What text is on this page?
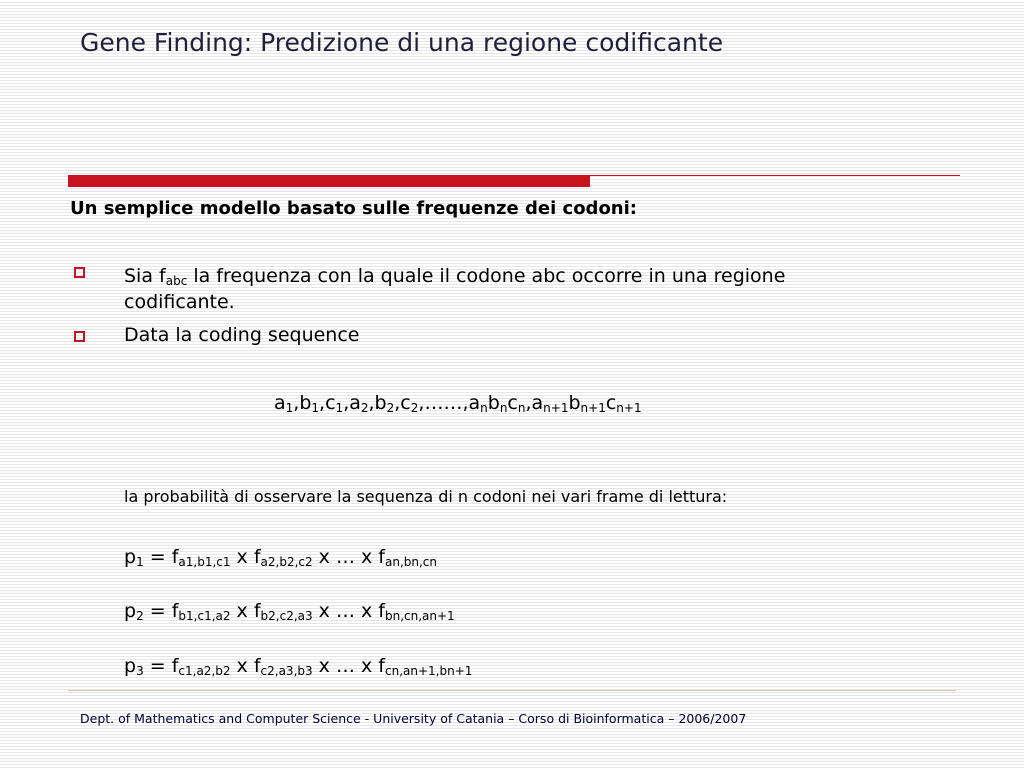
Gene Finding: Predizione di una regione codificante
Un semplice modello basato sulle frequenze dei codoni:
Sia $f_{abc}$ la frequenza con la quale il codone abc occorre in una regione
codificante.
Data la coding sequence
$a_1,b_1,c_1,a_2,b_2,c_2,\dots\dots,a_nb_nc_n,a_{n+1}b_{n+1}c_{n+1}$
la probabilità di osservare la sequenza di n codoni nei vari frame di lettura:
$p_1 = f_{a1,b1,c1}$ x $f_{a2,b2,c2}$ x … x $f_{an,bn,cn}$
$p_2 = f_{b1,c1,a2}$ x $f_{b2,c2,a3}$ x … x $f_{bn,cn,an+1}$
$p_3 = f_{c1,a2,b2}$ x $f_{c2,a3,b3}$ x … x $f_{cn,an+1,bn+1}$
Dept. of Mathematics and Computer Science - University of Catania – Corso di Bioinformatica – 2006/2007
